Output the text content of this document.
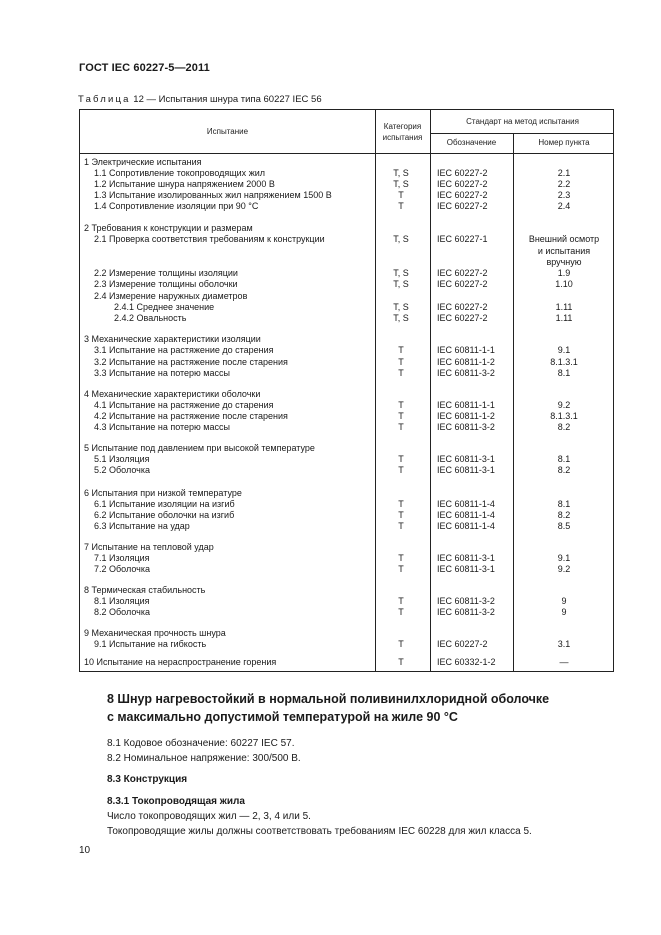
ГОСТ IEC 60227-5—2011
Таблица 12 — Испытания шнура типа 60227 IEC 56
Испытание
Категория
испытания
Стандарт на метод испытания
Обозначение	Номер пункта
1 Электрические испытания
1.1 Сопротивление токопроводящих жил	T, S	IEC 60227-2	2.1
1.2 Испытание шнура напряжением 2000 В	T, S	IEC 60227-2	2.2
1.3 Испытание изолированных жил напряжением 1500 В	T	IEC 60227-2	2.3
1.4 Сопротивление изоляции при 90 °С	T	IEC 60227-2	2.4
2 Требования к конструкции и размерам
2.1 Проверка соответствия требованиям к конструкции	T, S	IEC 60227-1	Внешний осмотр
и испытания
вручную
2.2 Измерение толщины изоляции	T, S	IEC 60227-2	1.9
2.3 Измерение толщины оболочки	T, S	IEC 60227-2	1.10
2.4 Измерение наружных диаметров
2.4.1 Среднее значение	T, S	IEC 60227-2	1.11
2.4.2 Овальность	T, S	IEC 60227-2	1.11
3 Механические характеристики изоляции
3.1 Испытание на растяжение до старения	T	IEC 60811-1-1	9.1
3.2 Испытание на растяжение после старения	T	IEC 60811-1-2	8.1.3.1
3.3 Испытание на потерю массы	T	IEC 60811-3-2	8.1
4 Механические характеристики оболочки
4.1 Испытание на растяжение до старения	T	IEC 60811-1-1	9.2
4.2 Испытание на растяжение после старения	T	IEC 60811-1-2	8.1.3.1
4.3 Испытание на потерю массы	T	IEC 60811-3-2	8.2
5 Испытание под давлением при высокой температуре
5.1 Изоляция	T	IEC 60811-3-1	8.1
5.2 Оболочка	T	IEC 60811-3-1	8.2
6 Испытания при низкой температуре
6.1 Испытание изоляции на изгиб	T	IEC 60811-1-4	8.1
6.2 Испытание оболочки на изгиб	T	IEC 60811-1-4	8.2
6.3 Испытание на удар	T	IEC 60811-1-4	8.5
7 Испытание на тепловой удар
7.1 Изоляция	T	IEC 60811-3-1	9.1
7.2 Оболочка	T	IEC 60811-3-1	9.2
8 Термическая стабильность
8.1 Изоляция	T	IEC 60811-3-2	9
8.2 Оболочка	T	IEC 60811-3-2	9
9 Механическая прочность шнура
9.1 Испытание на гибкость	T	IEC 60227-2	3.1
10 Испытание на нераспространение горения	T	IEC 60332-1-2	—
8 Шнур нагревостойкий в нормальной поливинилхлоридной оболочке
с максимально допустимой температурой на жиле 90 °С
8.1 Кодовое обозначение: 60227 IEC 57.
8.2 Номинальное напряжение: 300/500 В.
8.3 Конструкция
8.3.1 Токопроводящая жила
Число токопроводящих жил — 2, 3, 4 или 5.
Токопроводящие жилы должны соответствовать требованиям IEC 60228 для жил класса 5.
10
